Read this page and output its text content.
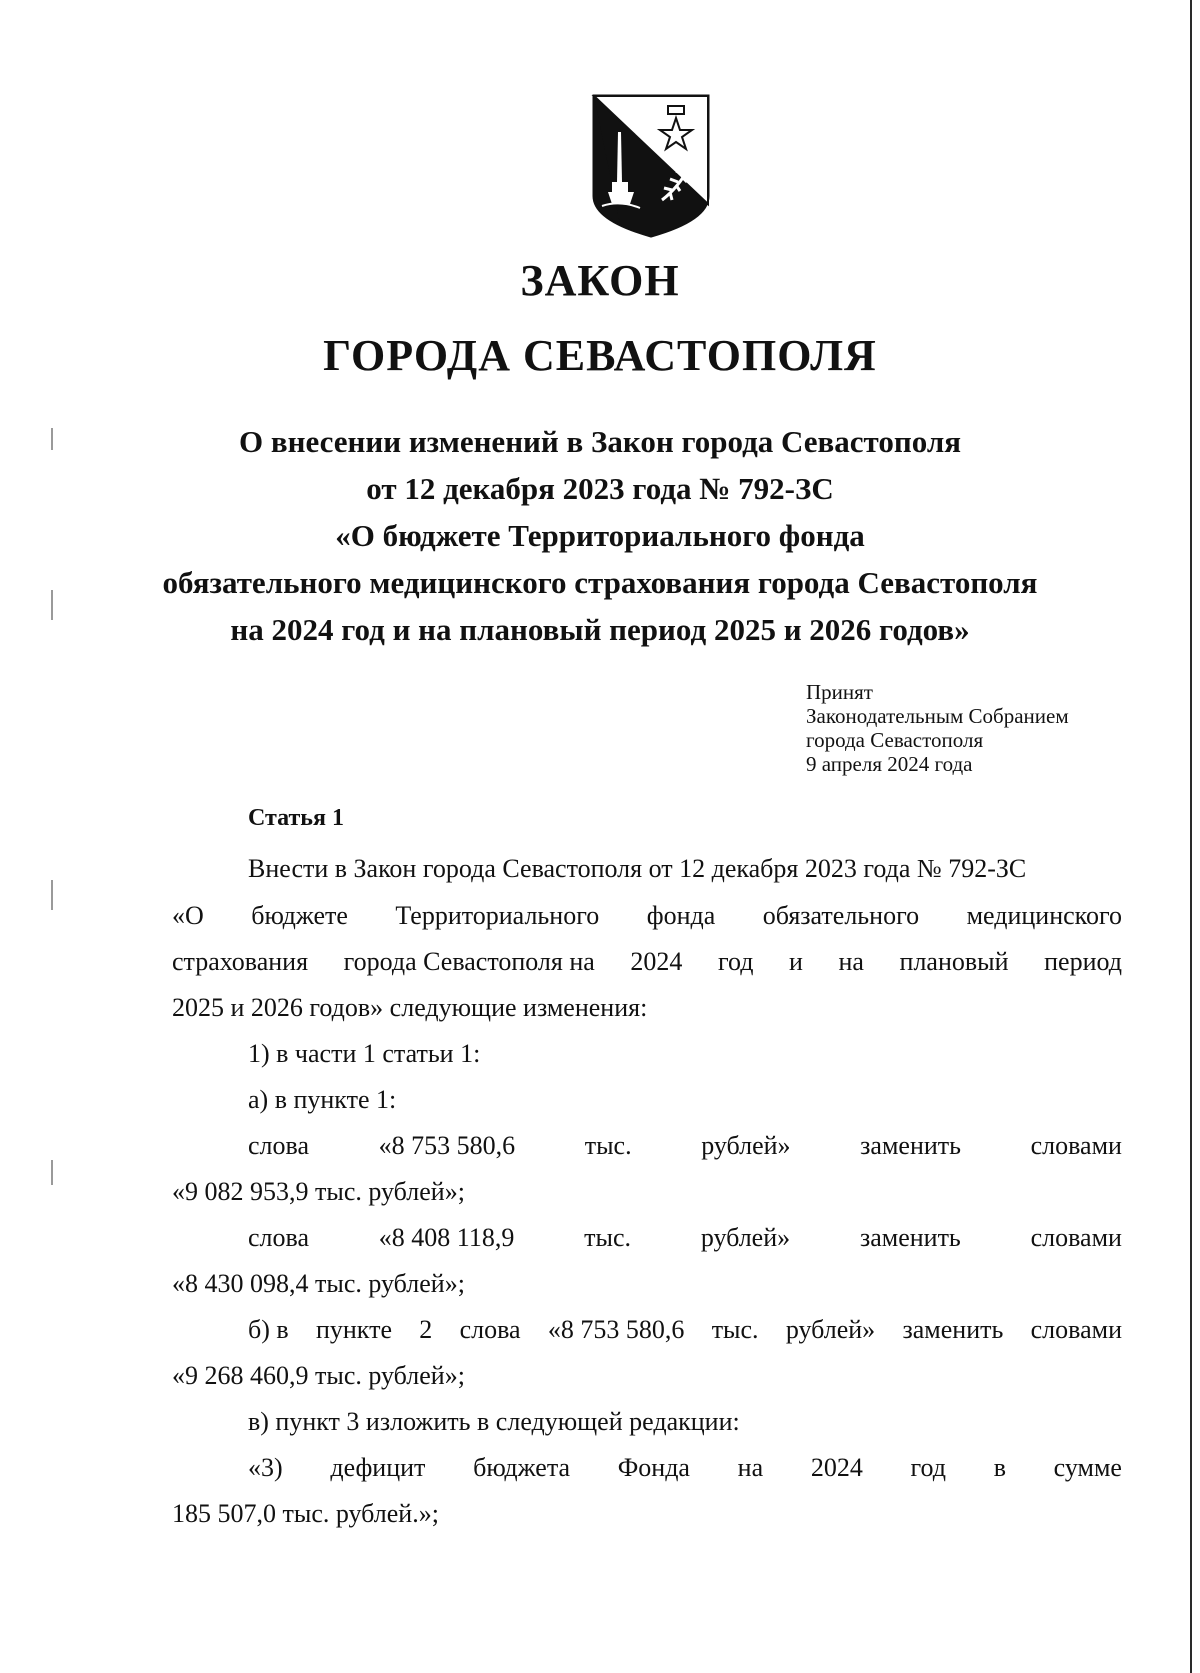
ЗАКОН
ГОРОДА СЕВАСТОПОЛЯ
О внесении изменений в Закон города Севастополя
от 12 декабря 2023 года № 792-ЗС
«О бюджете Территориального фонда
обязательного медицинского страхования города Севастополя
на 2024 год и на плановый период 2025 и 2026 годов»
Принят
Законодательным Собранием
города Севастополя
9 апреля 2024 года
Статья 1
Внести в Закон города Севастополя от 12 декабря 2023 года № 792-ЗС
«О бюджете Территориального фонда обязательного медицинского
страхования города Севастополя на 2024 год и на плановый период
2025 и 2026 годов» следующие изменения:
1) в части 1 статьи 1:
а) в пункте 1:
слова	«8 753 580,6	тыс.	рублей»	заменить	словами
«9 082 953,9 тыс. рублей»;
слова	«8 408 118,9	тыс.	рублей»	заменить	словами
«8 430 098,4 тыс. рублей»;
б) в пункте 2 слова «8 753 580,6 тыс. рублей» заменить словами
«9 268 460,9 тыс. рублей»;
в) пункт 3 изложить в следующей редакции:
«3) дефицит бюджета Фонда на 2024 год в сумме
185 507,0 тыс. рублей.»;
